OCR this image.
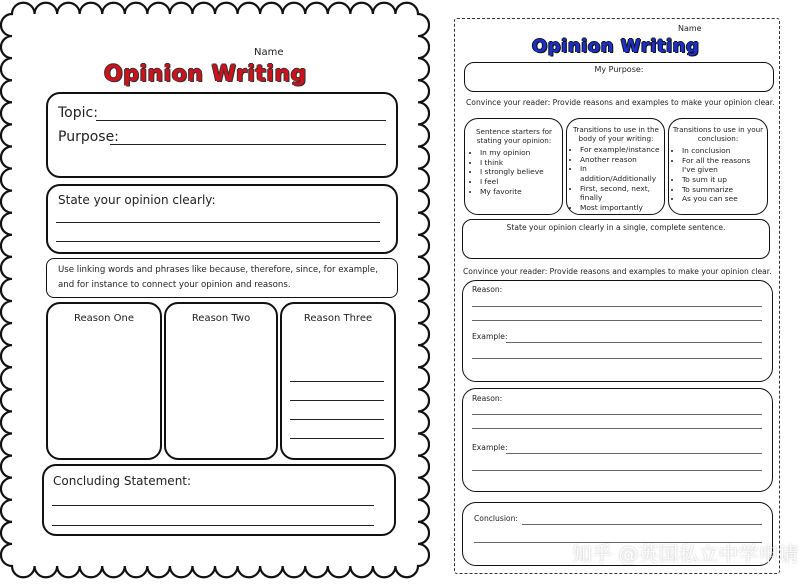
Name
Opinion Writing
Topic:
Purpose:
State your opinion clearly:
Use linking words and phrases like because, therefore, since, for example, and for instance to connect your opinion and reasons.
Reason One	Reason Two	Reason Three
Concluding Statement:
Name
Opinion Writing
My Purpose:
Convince your reader: Provide reasons and examples to make your opinion clear.
Sentence starters for stating your opinion:
• In my opinion
• I think
• I strongly believe
• I feel
• My favorite
Transitions to use in the body of your writing:
• For example/instance
• Another reason
• In addition/Additionally
• First, second, next, finally
• Most importantly
Transitions to use in your conclusion:
• In conclusion
• For all the reasons I've given
• To sum it up
• To summarize
• As you can see
State your opinion clearly in a single, complete sentence.
Convince your reader: Provide reasons and examples to make your opinion clear.
Reason:
Example:
Reason:
Example:
Conclusion:
知乎 @英国私立中学申请
